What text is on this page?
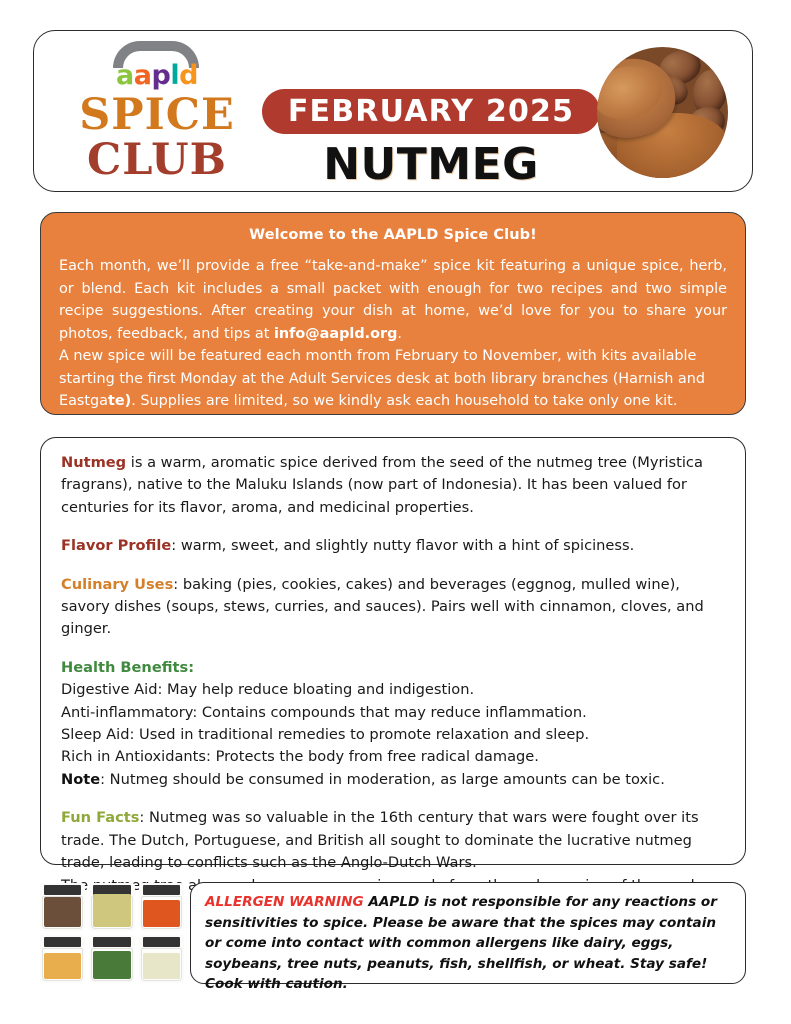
aapld
SPICE
CLUB
FEBRUARY 2025
NUTMEG
Welcome to the AAPLD Spice Club!

Each month, we’ll provide a free “take-and-make” spice kit featuring a unique spice, herb, or blend. Each kit includes a small packet with enough for two recipes and two simple recipe suggestions. After creating your dish at home, we’d love for you to share your photos, feedback, and tips at info@aapld.org.

A new spice will be featured each month from February to November, with kits available starting the first Monday at the Adult Services desk at both library branches (Harnish and Eastgate). Supplies are limited, so we kindly ask each household to take only one kit.

Nutmeg is a warm, aromatic spice derived from the seed of the nutmeg tree (Myristica fragrans), native to the Maluku Islands (now part of Indonesia). It has been valued for centuries for its flavor, aroma, and medicinal properties.

Flavor Profile: warm, sweet, and slightly nutty flavor with a hint of spiciness.

Culinary Uses: baking (pies, cookies, cakes) and beverages (eggnog, mulled wine), savory dishes (soups, stews, curries, and sauces). Pairs well with cinnamon, cloves, and ginger.

Health Benefits:

Digestive Aid: May help reduce bloating and indigestion.

Anti-inflammatory: Contains compounds that may reduce inflammation.

Sleep Aid: Used in traditional remedies to promote relaxation and sleep.

Rich in Antioxidants: Protects the body from free radical damage.

Note: Nutmeg should be consumed in moderation, as large amounts can be toxic.

Fun Facts: Nutmeg was so valuable in the 16th century that wars were fought over its trade. The Dutch, Portuguese, and British all sought to dominate the lucrative nutmeg trade, leading to conflicts such as the Anglo-Dutch Wars.

ALLERGEN WARNING AAPLD is not responsible for any reactions or sensitivities to spice. Please be aware that the spices may contain or come into contact with common allergens like dairy, eggs, soybeans, tree nuts, peanuts, fish, shellfish, or wheat. Stay safe! Cook with caution.
